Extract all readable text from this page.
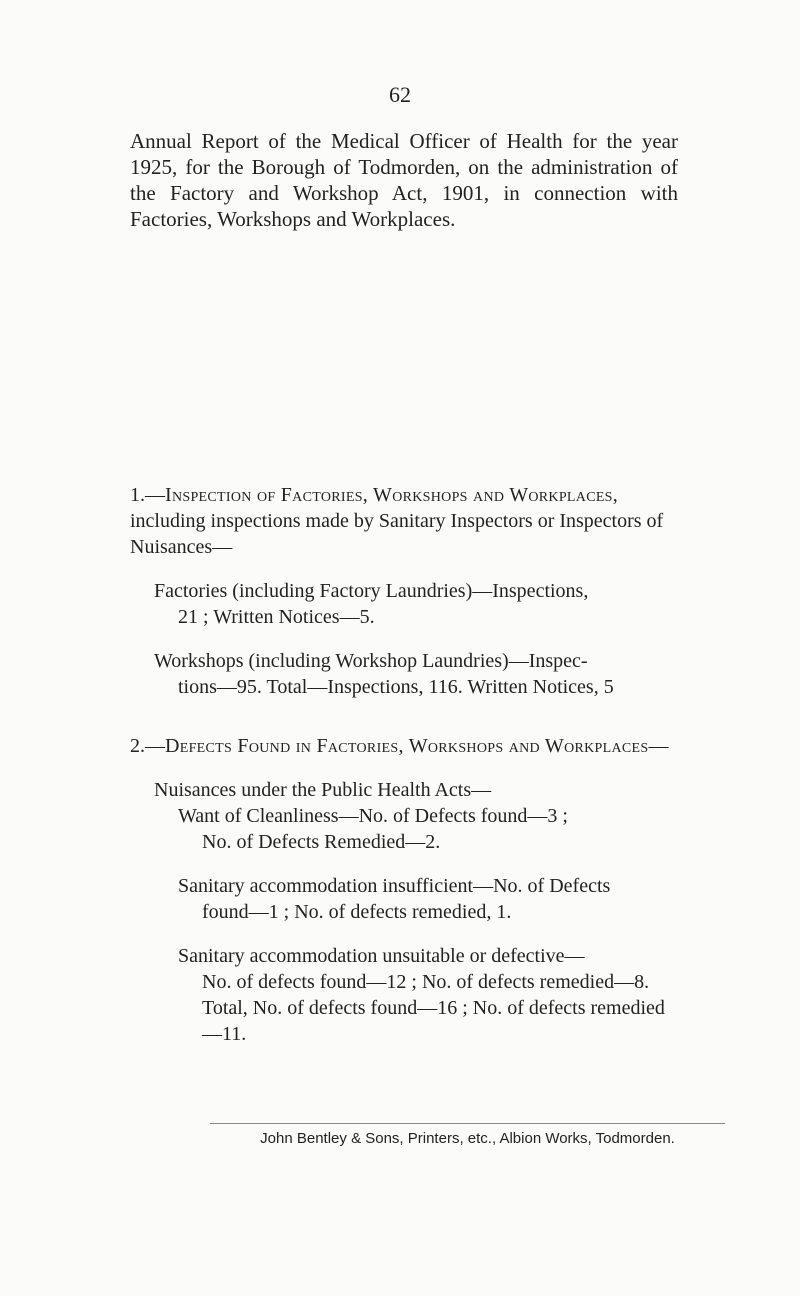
62
Annual Report of the Medical Officer of Health for the year 1925, for the Borough of Todmorden, on the administration of the Factory and Workshop Act, 1901, in connection with Factories, Workshops and Workplaces.
1.—Inspection of Factories, Workshops and Workplaces, including inspections made by Sanitary Inspectors or Inspectors of Nuisances—
Factories (including Factory Laundries)—Inspections,
21 ; Written Notices—5.
Workshops (including Workshop Laundries)—Inspec-
tions—95. Total—Inspections, 116. Written Notices, 5
2.—Defects Found in Factories, Workshops and Workplaces—
Nuisances under the Public Health Acts—
Want of Cleanliness—No. of Defects found—3 ;
No. of Defects Remedied—2.
Sanitary accommodation insufficient—No. of Defects
found—1 ; No. of defects remedied, 1.
Sanitary accommodation unsuitable or defective—
No. of defects found—12 ; No. of defects remedied—8. Total, No. of defects found—16 ; No. of defects remedied—11.
John Bentley & Sons, Printers, etc., Albion Works, Todmorden.
